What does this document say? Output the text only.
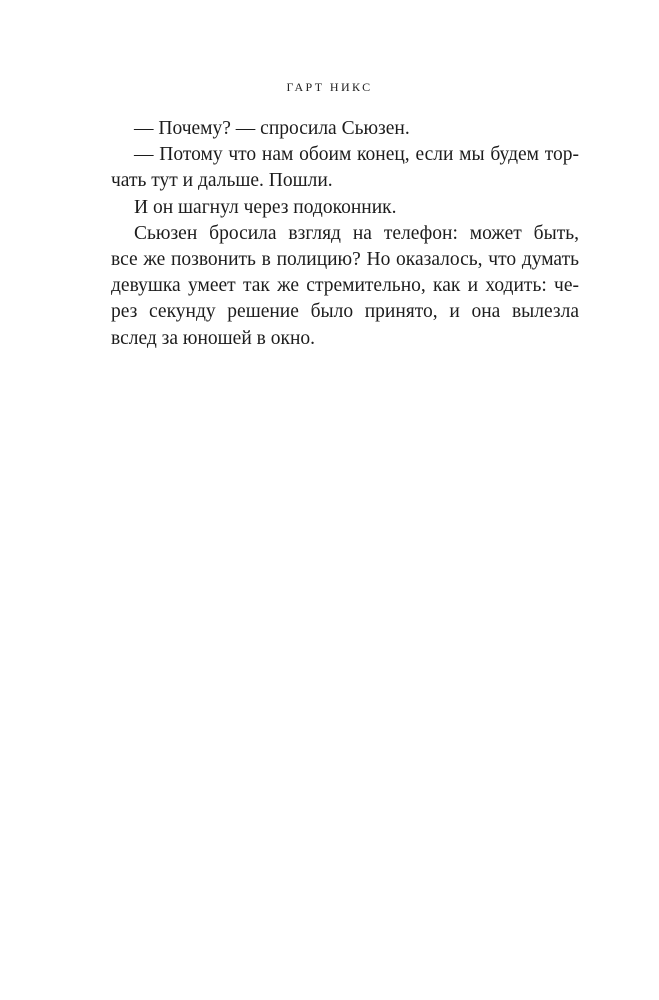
ГАРТ НИКС
— Почему? — спросила Сьюзен.
— Потому что нам обоим конец, если мы будем тор-
чать тут и дальше. Пошли.
И он шагнул через подоконник.
Сьюзен бросила взгляд на телефон: может быть,
все же позвонить в полицию? Но оказалось, что думать
девушка умеет так же стремительно, как и ходить: че-
рез секунду решение было принято, и она вылезла
вслед за юношей в окно.
